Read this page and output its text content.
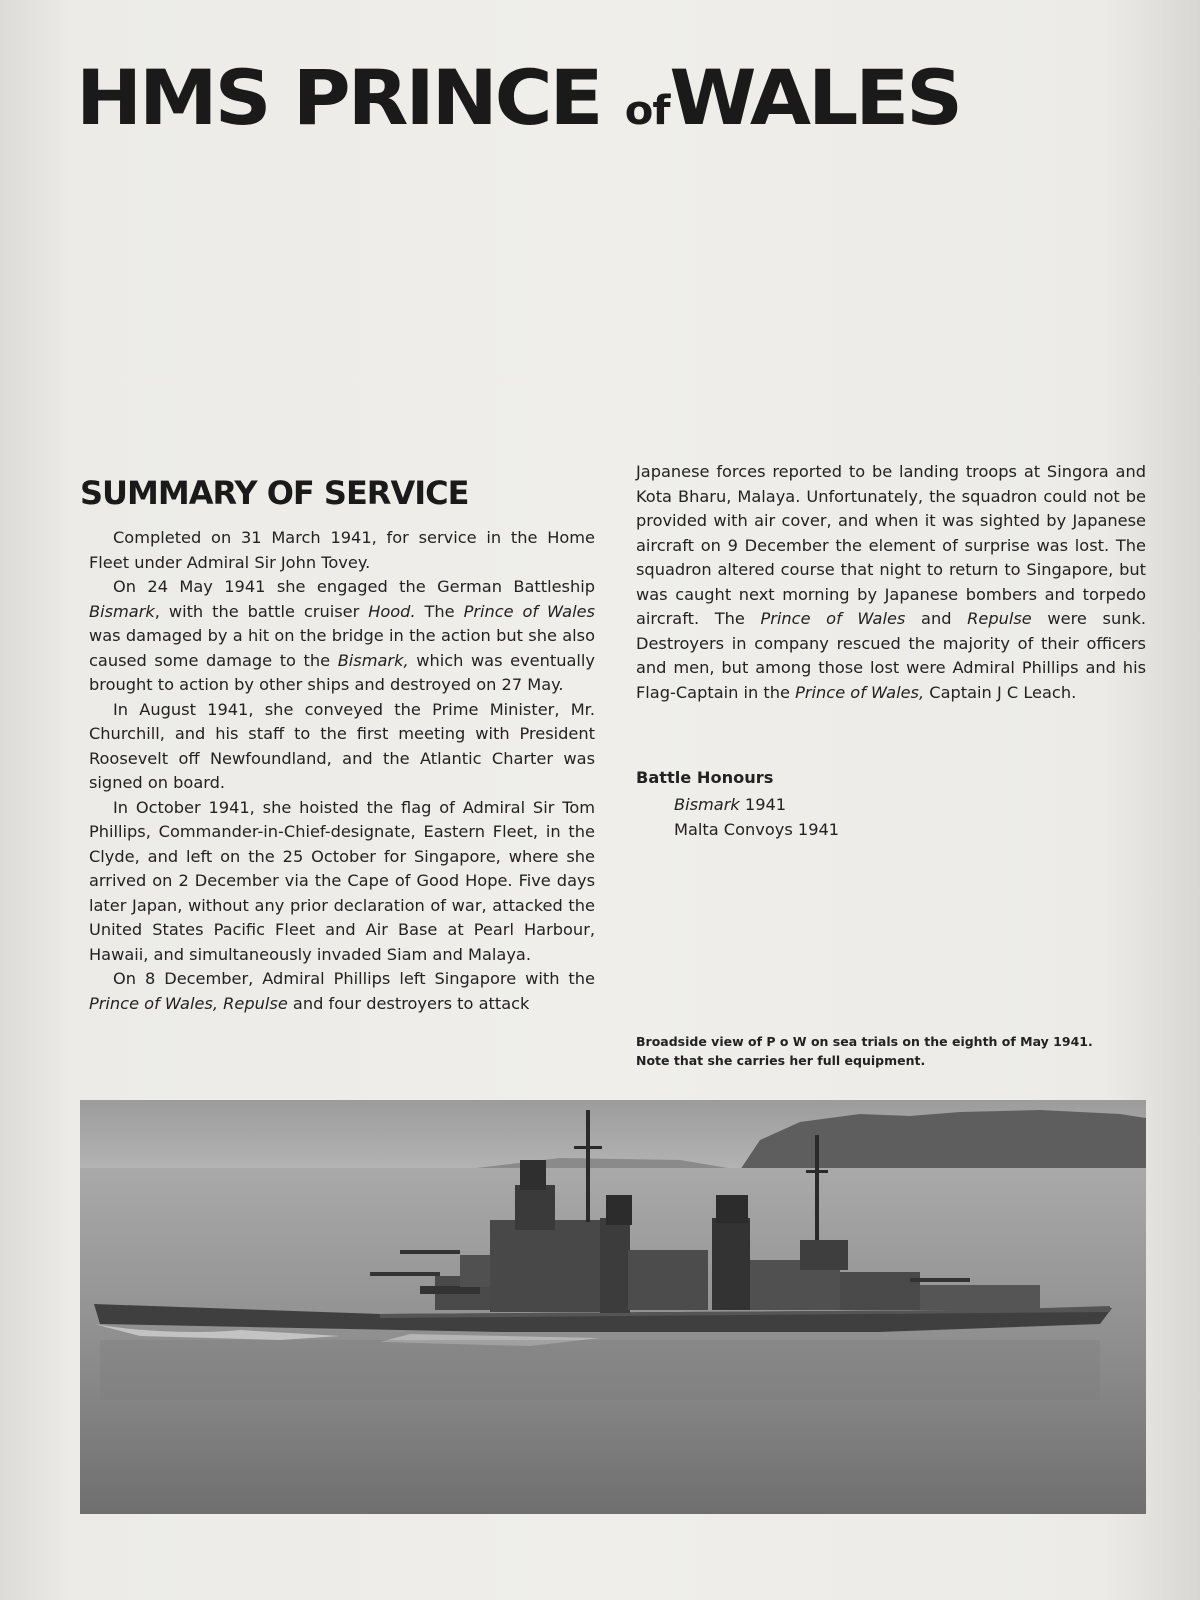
HMS PRINCE ofWALES
SUMMARY OF SERVICE

Completed on 31 March 1941, for service in the Home Fleet under Admiral Sir John Tovey.

On 24 May 1941 she engaged the German Battleship Bismark, with the battle cruiser Hood. The Prince of Wales was damaged by a hit on the bridge in the action but she also caused some damage to the Bismark, which was eventually brought to action by other ships and destroyed on 27 May.

In August 1941, she conveyed the Prime Minister, Mr. Churchill, and his staff to the first meeting with President Roosevelt off Newfoundland, and the Atlantic Charter was signed on board.

In October 1941, she hoisted the flag of Admiral Sir Tom Phillips, Commander-in-Chief-designate, Eastern Fleet, in the Clyde, and left on the 25 October for Singapore, where she arrived on 2 December via the Cape of Good Hope. Five days later Japan, without any prior declaration of war, attacked the United States Pacific Fleet and Air Base at Pearl Harbour, Hawaii, and simultaneously invaded Siam and Malaya.

On 8 December, Admiral Phillips left Singapore with the Prince of Wales, Repulse and four destroyers to attack

Japanese forces reported to be landing troops at Singora and Kota Bharu, Malaya. Unfortunately, the squadron could not be provided with air cover, and when it was sighted by Japanese aircraft on 9 December the element of surprise was lost. The squadron altered course that night to return to Singapore, but was caught next morning by Japanese bombers and torpedo aircraft. The Prince of Wales and Repulse were sunk. Destroyers in company rescued the majority of their officers and men, but among those lost were Admiral Phillips and his Flag-Captain in the Prince of Wales, Captain J C Leach.

Battle Honours
Bismark 1941
Malta Convoys 1941
Broadside view of P o W on sea trials on the eighth of May 1941.
Note that she carries her full equipment.
